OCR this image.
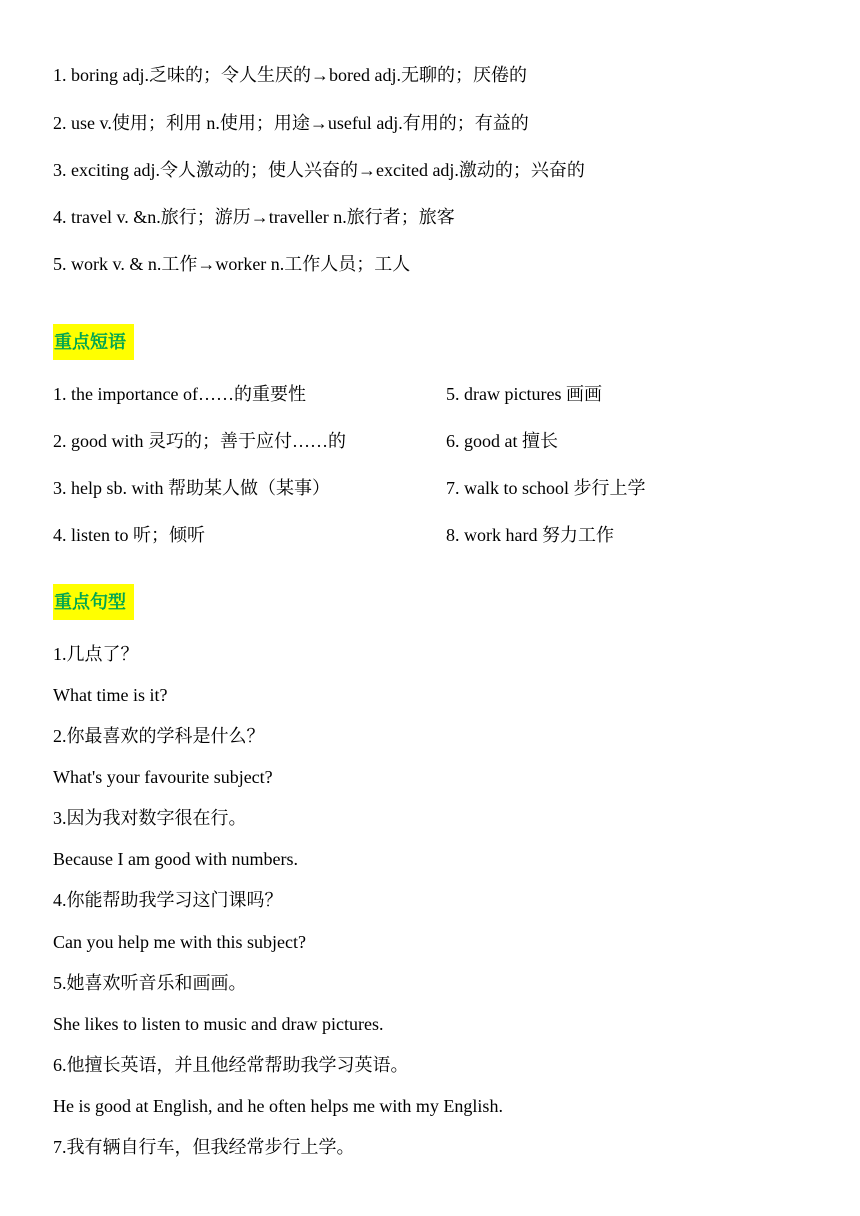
1. boring adj.乏味的；令人生厌的→bored adj.无聊的；厌倦的
2. use v.使用；利用 n.使用；用途→useful adj.有用的；有益的
3. exciting adj.令人激动的；使人兴奋的→excited adj.激动的；兴奋的
4. travel v. &n.旅行；游历→traveller n.旅行者；旅客
5. work v. & n.工作→worker n.工作人员；工人
重点短语
1. the importance of……的重要性
2. good with 灵巧的；善于应付……的
3. help sb. with 帮助某人做（某事）
4. listen to 听；倾听
5. draw pictures 画画
6. good at 擅长
7. walk to school 步行上学
8. work hard 努力工作
重点句型
1.几点了？
What time is it?
2.你最喜欢的学科是什么？
What's your favourite subject?
3.因为我对数字很在行。
Because I am good with numbers.
4.你能帮助我学习这门课吗？
Can you help me with this subject?
5.她喜欢听音乐和画画。
She likes to listen to music and draw pictures.
6.他擅长英语，并且他经常帮助我学习英语。
He is good at English, and he often helps me with my English.
7.我有辆自行车，但我经常步行上学。
